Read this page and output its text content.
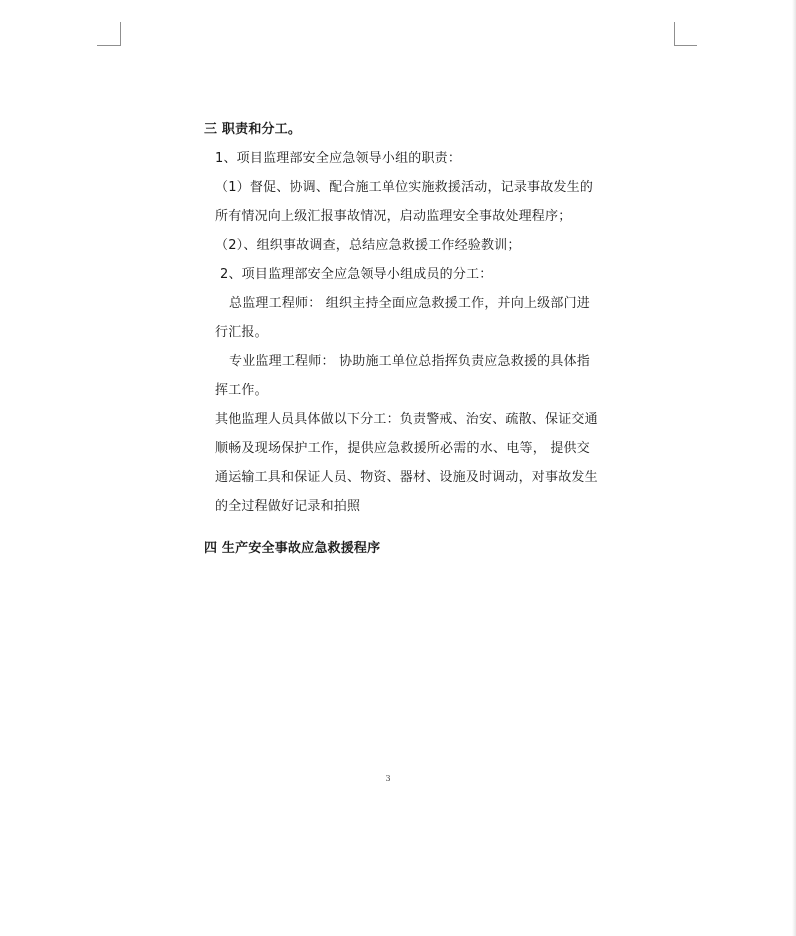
三 职责和分工。
1、项目监理部安全应急领导小组的职责：
（1）督促、协调、配合施工单位实施救援活动，记录事故发生的
所有情况向上级汇报事故情况，启动监理安全事故处理程序；
（2）、组织事故调查，总结应急救援工作经验教训；
2、项目监理部安全应急领导小组成员的分工：
总监理工程师： 组织主持全面应急救援工作，并向上级部门进
行汇报。
专业监理工程师： 协助施工单位总指挥负责应急救援的具体指
挥工作。
其他监理人员具体做以下分工：负责警戒、治安、疏散、保证交通
顺畅及现场保护工作，提供应急救援所必需的水、电等， 提供交
通运输工具和保证人员、物资、器材、设施及时调动，对事故发生
的全过程做好记录和拍照
四 生产安全事故应急救援程序
3
